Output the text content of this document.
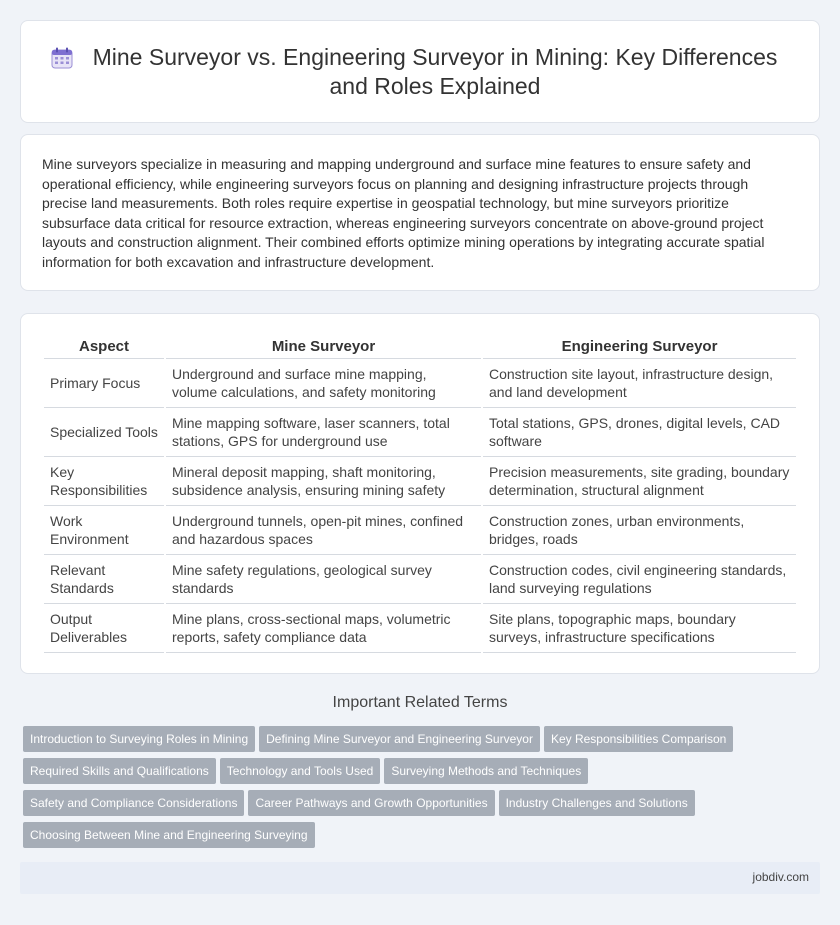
Mine Surveyor vs. Engineering Surveyor in Mining: Key Differences and Roles Explained

Mine surveyors specialize in measuring and mapping underground and surface mine features to ensure safety and operational efficiency, while engineering surveyors focus on planning and designing infrastructure projects through precise land measurements. Both roles require expertise in geospatial technology, but mine surveyors prioritize subsurface data critical for resource extraction, whereas engineering surveyors concentrate on above-ground project layouts and construction alignment. Their combined efforts optimize mining operations by integrating accurate spatial information for both excavation and infrastructure development.

Aspect	Mine Surveyor	Engineering Surveyor
Primary Focus	Underground and surface mine mapping, volume calculations, and safety monitoring	Construction site layout, infrastructure design, and land development
Specialized Tools	Mine mapping software, laser scanners, total stations, GPS for underground use	Total stations, GPS, drones, digital levels, CAD software
Key Responsibilities	Mineral deposit mapping, shaft monitoring, subsidence analysis, ensuring mining safety	Precision measurements, site grading, boundary determination, structural alignment
Work Environment	Underground tunnels, open-pit mines, confined and hazardous spaces	Construction zones, urban environments, bridges, roads
Relevant Standards	Mine safety regulations, geological survey standards	Construction codes, civil engineering standards, land surveying regulations
Output Deliverables	Mine plans, cross-sectional maps, volumetric reports, safety compliance data	Site plans, topographic maps, boundary surveys, infrastructure specifications
Important Related Terms
Introduction to Surveying Roles in Mining Defining Mine Surveyor and Engineering Surveyor Key Responsibilities Comparison
Required Skills and Qualifications Technology and Tools Used Surveying Methods and Techniques
Safety and Compliance Considerations Career Pathways and Growth Opportunities Industry Challenges and Solutions
Choosing Between Mine and Engineering Surveying
jobdiv.com
